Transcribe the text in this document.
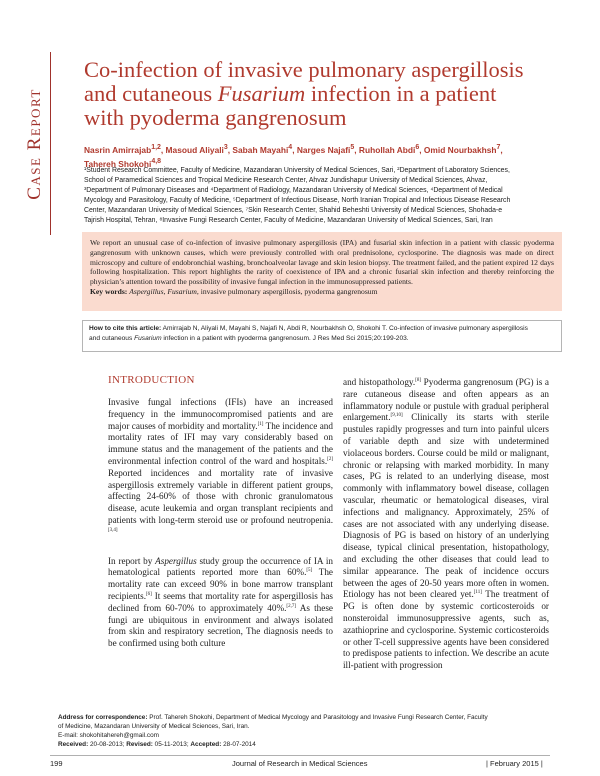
Case Report
Co-infection of invasive pulmonary aspergillosis
and cutaneous Fusarium infection in a patient
with pyoderma gangrenosum
Nasrin Amirrajab$^{1,2}$, Masoud Aliyali$^3$, Sabah Mayahi$^4$, Narges Najafi$^5$, Ruhollah Abdi$^6$, Omid Nourbakhsh$^7$,
Tahereh Shokohi$^{4,8}$
¹Student Research Committee, Faculty of Medicine, Mazandaran University of Medical Sciences, Sari, ²Department of Laboratory Sciences,
School of Paramedical Sciences and Tropical Medicine Research Center, Ahvaz Jundishapur University of Medical Sciences, Ahvaz,
³Department of Pulmonary Diseases and ⁴Department of Radiology, Mazandaran University of Medical Sciences, ⁴Department of Medical
Mycology and Parasitology, Faculty of Medicine, ⁵Department of Infectious Disease, North Iranian Tropical and Infectious Disease Research
Center, Mazandaran University of Medical Sciences, ⁷Skin Research Center, Shahid Beheshti University of Medical Sciences, Shohada-e
Tajrish Hospital, Tehran, ⁸Invasive Fungi Research Center, Faculty of Medicine, Mazandaran University of Medical Sciences, Sari, Iran
We report an unusual case of co-infection of invasive pulmonary aspergillosis (IPA) and fusarial skin infection in a patient with classic pyoderma gangrenosum with unknown causes, which were previously controlled with oral prednisolone, cyclosporine. The diagnosis was made on direct microscopy and culture of endobronchial washing, bronchoalveolar lavage and skin lesion biopsy. The treatment failed, and the patient expired 12 days following hospitalization. This report highlights the rarity of coexistence of IPA and a chronic fusarial skin infection and thereby reinforcing the physician’s attention toward the possibility of invasive fungal infection in the immunosuppressed patients.
Key words: Aspergillus, Fusarium, invasive pulmonary aspergillosis, pyoderma gangrenosum
How to cite this article: Amirrajab N, Aliyali M, Mayahi S, Najafi N, Abdi R, Nourbakhsh O, Shokohi T. Co-infection of invasive pulmonary aspergillosis
and cutaneous Fusarium infection in a patient with pyoderma gangrenosum. J Res Med Sci 2015;20:199-203.
INTRODUCTION

Invasive fungal infections (IFIs) have an increased frequency in the immunocompromised patients and are major causes of morbidity and mortality.[1] The incidence and mortality rates of IFI may vary considerably based on immune status and the management of the patients and the environmental infection control of the ward and hospitals.[2] Reported incidences and mortality rate of invasive aspergillosis extremely variable in different patient groups, affecting 24-60% of those with chronic granulomatous disease, acute leukemia and organ transplant recipients and patients with long-term steroid use or profound neutropenia.[3,4]

In report by Aspergillus study group the occurrence of IA in hematological patients reported more than 60%.[5] The mortality rate can exceed 90% in bone marrow transplant recipients.[6] It seems that mortality rate for aspergillosis has declined from 60-70% to approximately 40%.[2,7] As these fungi are ubiquitous in environment and always isolated from skin and respiratory secretion, The diagnosis needs to be confirmed using both culture

and histopathology.[8] Pyoderma gangrenosum (PG) is a rare cutaneous disease and often appears as an inflammatory nodule or pustule with gradual peripheral enlargement.[9,10] Clinically its starts with sterile pustules rapidly progresses and turn into painful ulcers of variable depth and size with undetermined violaceous borders. Course could be mild or malignant, chronic or relapsing with marked morbidity. In many cases, PG is related to an underlying disease, most commonly with inflammatory bowel disease, collagen vascular, rheumatic or hematological diseases, viral infections and malignancy. Approximately, 25% of cases are not associated with any underlying disease. Diagnosis of PG is based on history of an underlying disease, typical clinical presentation, histopathology, and excluding the other diseases that could lead to similar appearance. The peak of incidence occurs between the ages of 20-50 years more often in women. Etiology has not been cleared yet.[11] The treatment of PG is often done by systemic corticosteroids or nonsteroidal immunosuppressive agents, such as, azathioprine and cyclosporine. Systemic corticosteroids or other T-cell suppressive agents have been considered to predispose patients to infection. We describe an acute ill-patient with progression

Address for correspondence: Prof. Tahereh Shokohi, Department of Medical Mycology and Parasitology and Invasive Fungi Research Center, Faculty
of Medicine, Mazandaran University of Medical Sciences, Sari, Iran.
E-mail: shokohitahereh@gmail.com
Received: 20-08-2013; Revised: 05-11-2013; Accepted: 28-07-2014
199	Journal of Research in Medical Sciences	| February 2015 |
